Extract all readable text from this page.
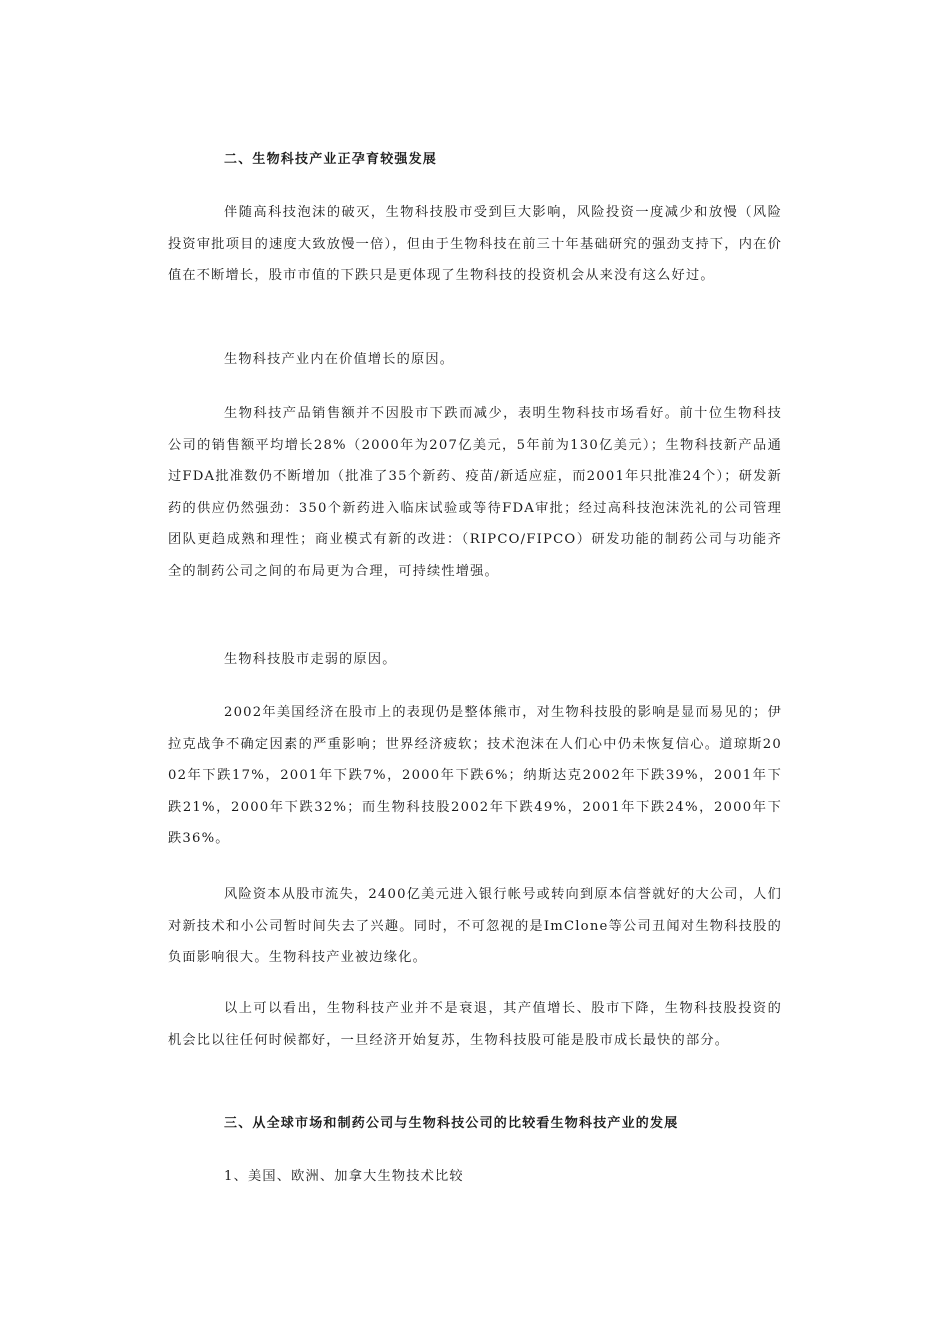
二、生物科技产业正孕育较强发展

伴随高科技泡沫的破灭，生物科技股市受到巨大影响，风险投资一度减少和放慢（风险投资审批项目的速度大致放慢一倍），但由于生物科技在前三十年基础研究的强劲支持下，内在价值在不断增长，股市市值的下跌只是更体现了生物科技的投资机会从来没有这么好过。

生物科技产业内在价值增长的原因。

生物科技产品销售额并不因股市下跌而减少，表明生物科技市场看好。前十位生物科技公司的销售额平均增长28%（2000年为207亿美元，5年前为130亿美元）；生物科技新产品通过FDA批准数仍不断增加（批准了35个新药、疫苗/新适应症，而2001年只批准24个）；研发新药的供应仍然强劲：350个新药进入临床试验或等待FDA审批；经过高科技泡沫洗礼的公司管理团队更趋成熟和理性；商业模式有新的改进：（RIPCO/FIPCO）研发功能的制药公司与功能齐全的制药公司之间的布局更为合理，可持续性增强。

生物科技股市走弱的原因。

2002年美国经济在股市上的表现仍是整体熊市，对生物科技股的影响是显而易见的；伊拉克战争不确定因素的严重影响；世界经济疲软；技术泡沫在人们心中仍未恢复信心。道琼斯2002年下跌17%，2001年下跌7%，2000年下跌6%；纳斯达克2002年下跌39%，2001年下跌21%，2000年下跌32%；而生物科技股2002年下跌49%，2001年下跌24%，2000年下跌36%。

风险资本从股市流失，2400亿美元进入银行帐号或转向到原本信誉就好的大公司，人们对新技术和小公司暂时间失去了兴趣。同时，不可忽视的是ImClone等公司丑闻对生物科技股的负面影响很大。生物科技产业被边缘化。

以上可以看出，生物科技产业并不是衰退，其产值增长、股市下降，生物科技股投资的机会比以往任何时候都好，一旦经济开始复苏，生物科技股可能是股市成长最快的部分。

三、从全球市场和制药公司与生物科技公司的比较看生物科技产业的发展

1、美国、欧洲、加拿大生物技术比较
